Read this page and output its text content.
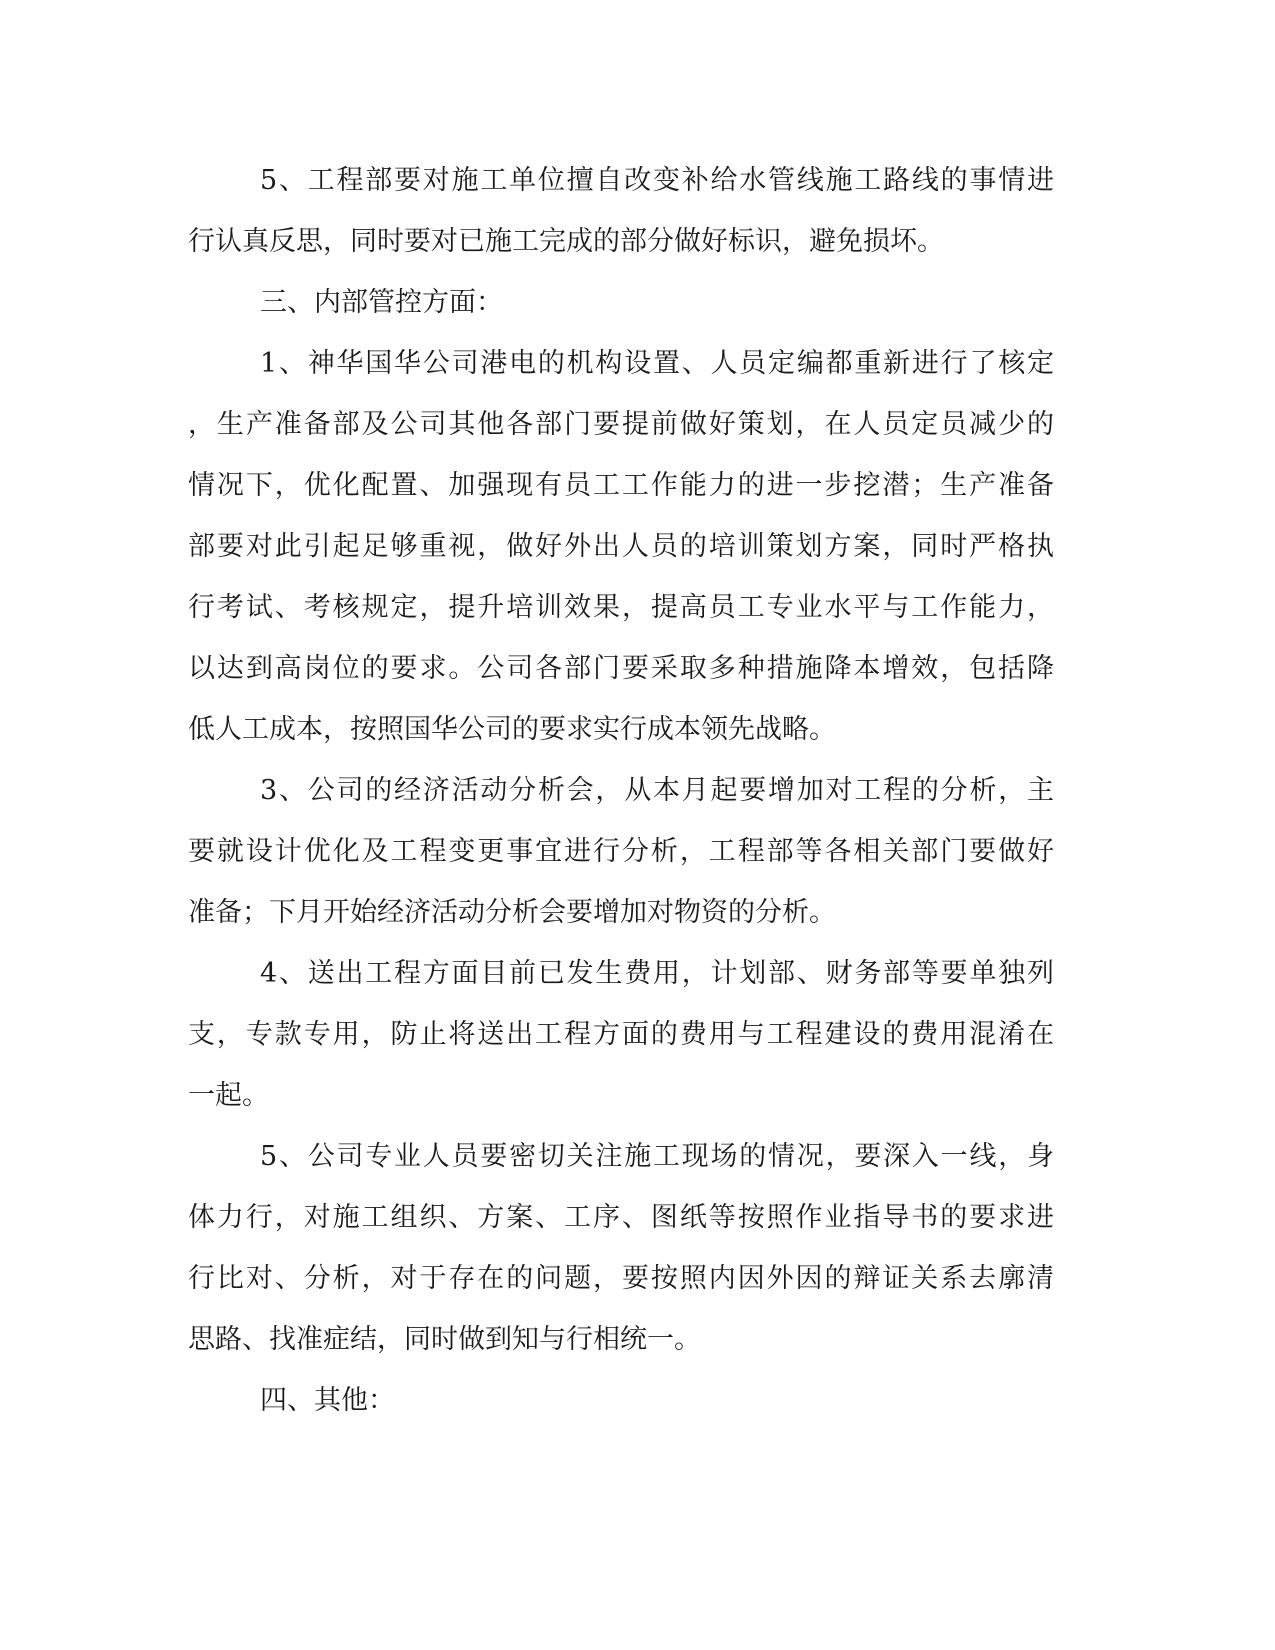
5、工程部要对施工单位擅自改变补给水管线施工路线的事情进
行认真反思，同时要对已施工完成的部分做好标识，避免损坏。
三、内部管控方面：
1、神华国华公司港电的机构设置、人员定编都重新进行了核定
，生产准备部及公司其他各部门要提前做好策划，在人员定员减少的
情况下，优化配置、加强现有员工工作能力的进一步挖潜；生产准备
部要对此引起足够重视，做好外出人员的培训策划方案，同时严格执
行考试、考核规定，提升培训效果，提高员工专业水平与工作能力，
以达到高岗位的要求。公司各部门要采取多种措施降本增效，包括降
低人工成本，按照国华公司的要求实行成本领先战略。
3、公司的经济活动分析会，从本月起要增加对工程的分析，主
要就设计优化及工程变更事宜进行分析，工程部等各相关部门要做好
准备；下月开始经济活动分析会要增加对物资的分析。
4、送出工程方面目前已发生费用，计划部、财务部等要单独列
支，专款专用，防止将送出工程方面的费用与工程建设的费用混淆在
一起。
5、公司专业人员要密切关注施工现场的情况，要深入一线，身
体力行，对施工组织、方案、工序、图纸等按照作业指导书的要求进
行比对、分析，对于存在的问题，要按照内因外因的辩证关系去廓清
思路、找准症结，同时做到知与行相统一。
四、其他：
